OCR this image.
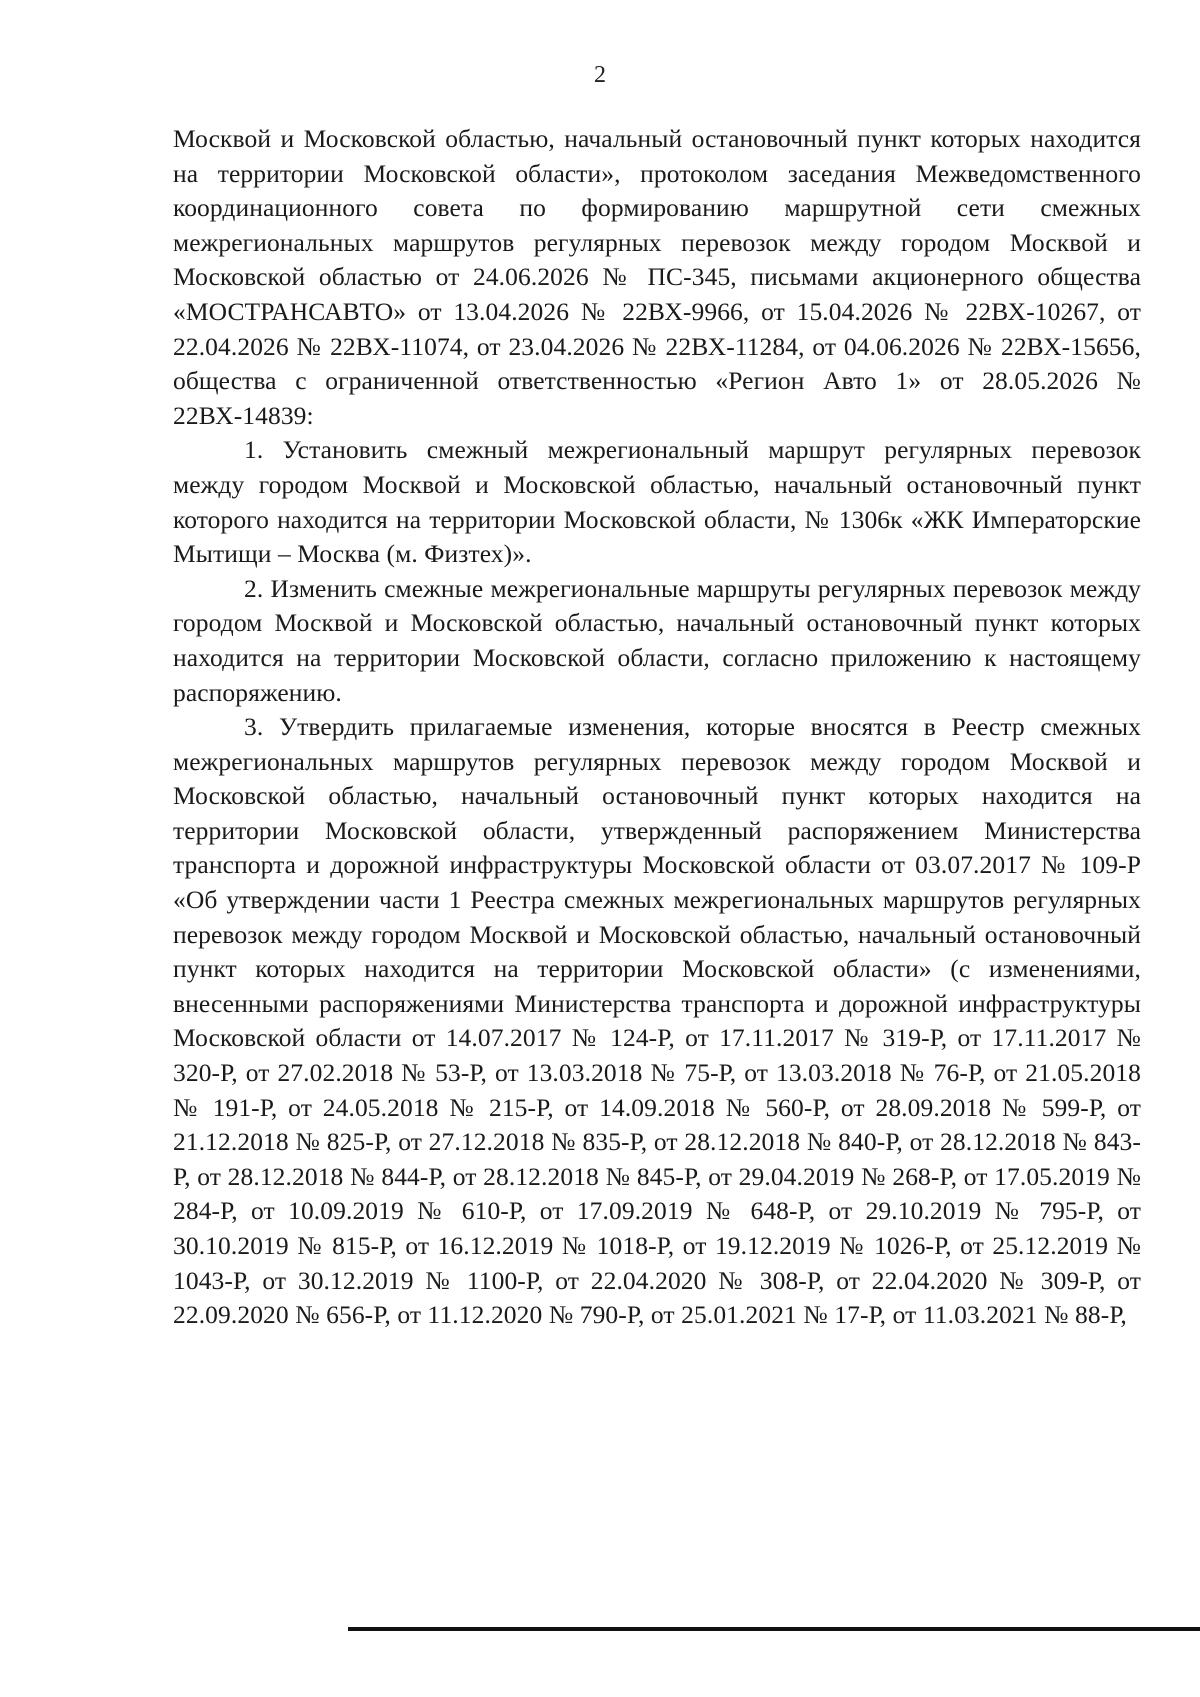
2

Москвой и Московской областью, начальный остановочный пункт которых находится на территории Московской области», протоколом заседания Межведомственного координационного совета по формированию маршрутной сети смежных межрегиональных маршрутов регулярных перевозок между городом Москвой и Московской областью от 24.06.2026 № ПС-345, письмами акционерного общества «МОСТРАНСАВТО» от 13.04.2026 № 22ВХ-9966, от 15.04.2026 № 22ВХ-10267, от 22.04.2026 № 22ВХ-11074, от 23.04.2026 № 22ВХ-11284, от 04.06.2026 № 22ВХ-15656, общества с ограниченной ответственностью «Регион Авто 1» от 28.05.2026 № 22ВХ-14839:

1. Установить смежный межрегиональный маршрут регулярных перевозок между городом Москвой и Московской областью, начальный остановочный пункт которого находится на территории Московской области, № 1306к «ЖК Императорские Мытищи – Москва (м. Физтех)».

2. Изменить смежные межрегиональные маршруты регулярных перевозок между городом Москвой и Московской областью, начальный остановочный пункт которых находится на территории Московской области, согласно приложению к настоящему распоряжению.

3. Утвердить прилагаемые изменения, которые вносятся в Реестр смежных межрегиональных маршрутов регулярных перевозок между городом Москвой и Московской областью, начальный остановочный пункт которых находится на территории Московской области, утвержденный распоряжением Министерства транспорта и дорожной инфраструктуры Московской области от 03.07.2017 № 109-Р «Об утверждении части 1 Реестра смежных межрегиональных маршрутов регулярных перевозок между городом Москвой и Московской областью, начальный остановочный пункт которых находится на территории Московской области» (с изменениями, внесенными распоряжениями Министерства транспорта и дорожной инфраструктуры Московской области от 14.07.2017 № 124-Р, от 17.11.2017 № 319-Р, от 17.11.2017 № 320-Р, от 27.02.2018 № 53-Р, от 13.03.2018 № 75-Р, от 13.03.2018 № 76-Р, от 21.05.2018 № 191-Р, от 24.05.2018 № 215-Р, от 14.09.2018 № 560-Р, от 28.09.2018 № 599-Р, от 21.12.2018 № 825-Р, от 27.12.2018 № 835-Р, от 28.12.2018 № 840-Р, от 28.12.2018 № 843-Р, от 28.12.2018 № 844-Р, от 28.12.2018 № 845-Р, от 29.04.2019 № 268-Р, от 17.05.2019 № 284-Р, от 10.09.2019 № 610-Р, от 17.09.2019 № 648-Р, от 29.10.2019 № 795-Р, от 30.10.2019 № 815-Р, от 16.12.2019 № 1018-Р, от 19.12.2019 № 1026-Р, от 25.12.2019 № 1043-Р, от 30.12.2019 № 1100-Р, от 22.04.2020 № 308-Р, от 22.04.2020 № 309-Р, от 22.09.2020 № 656-Р, от 11.12.2020 № 790-Р, от 25.01.2021 № 17-Р, от 11.03.2021 № 88-Р,
